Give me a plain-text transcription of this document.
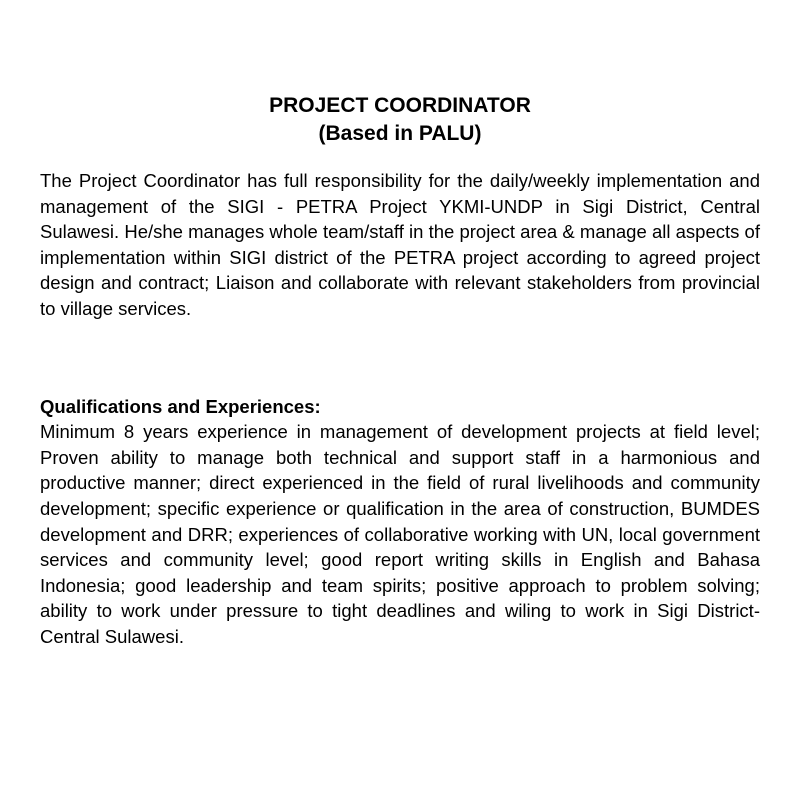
PROJECT COORDINATOR
(Based in PALU)

The Project Coordinator has full responsibility for the daily/weekly implementation and management of the SIGI - PETRA Project YKMI-UNDP in Sigi District, Central Sulawesi. He/she manages whole team/staff in the project area & manage all aspects of implementation within SIGI district of the PETRA project according to agreed project design and contract; Liaison and collaborate with relevant stakeholders from provincial to village services.

Qualifications and Experiences:

Minimum 8 years experience in management of development projects at field level; Proven ability to manage both technical and support staff in a harmonious and productive manner; direct experienced in the field of rural livelihoods and community development; specific experience or qualification in the area of construction, BUMDES development and DRR; experiences of collaborative working with UN, local government services and community level; good report writing skills in English and Bahasa Indonesia; good leadership and team spirits; positive approach to problem solving; ability to work under pressure to tight deadlines and wiling to work in Sigi District- Central Sulawesi.
